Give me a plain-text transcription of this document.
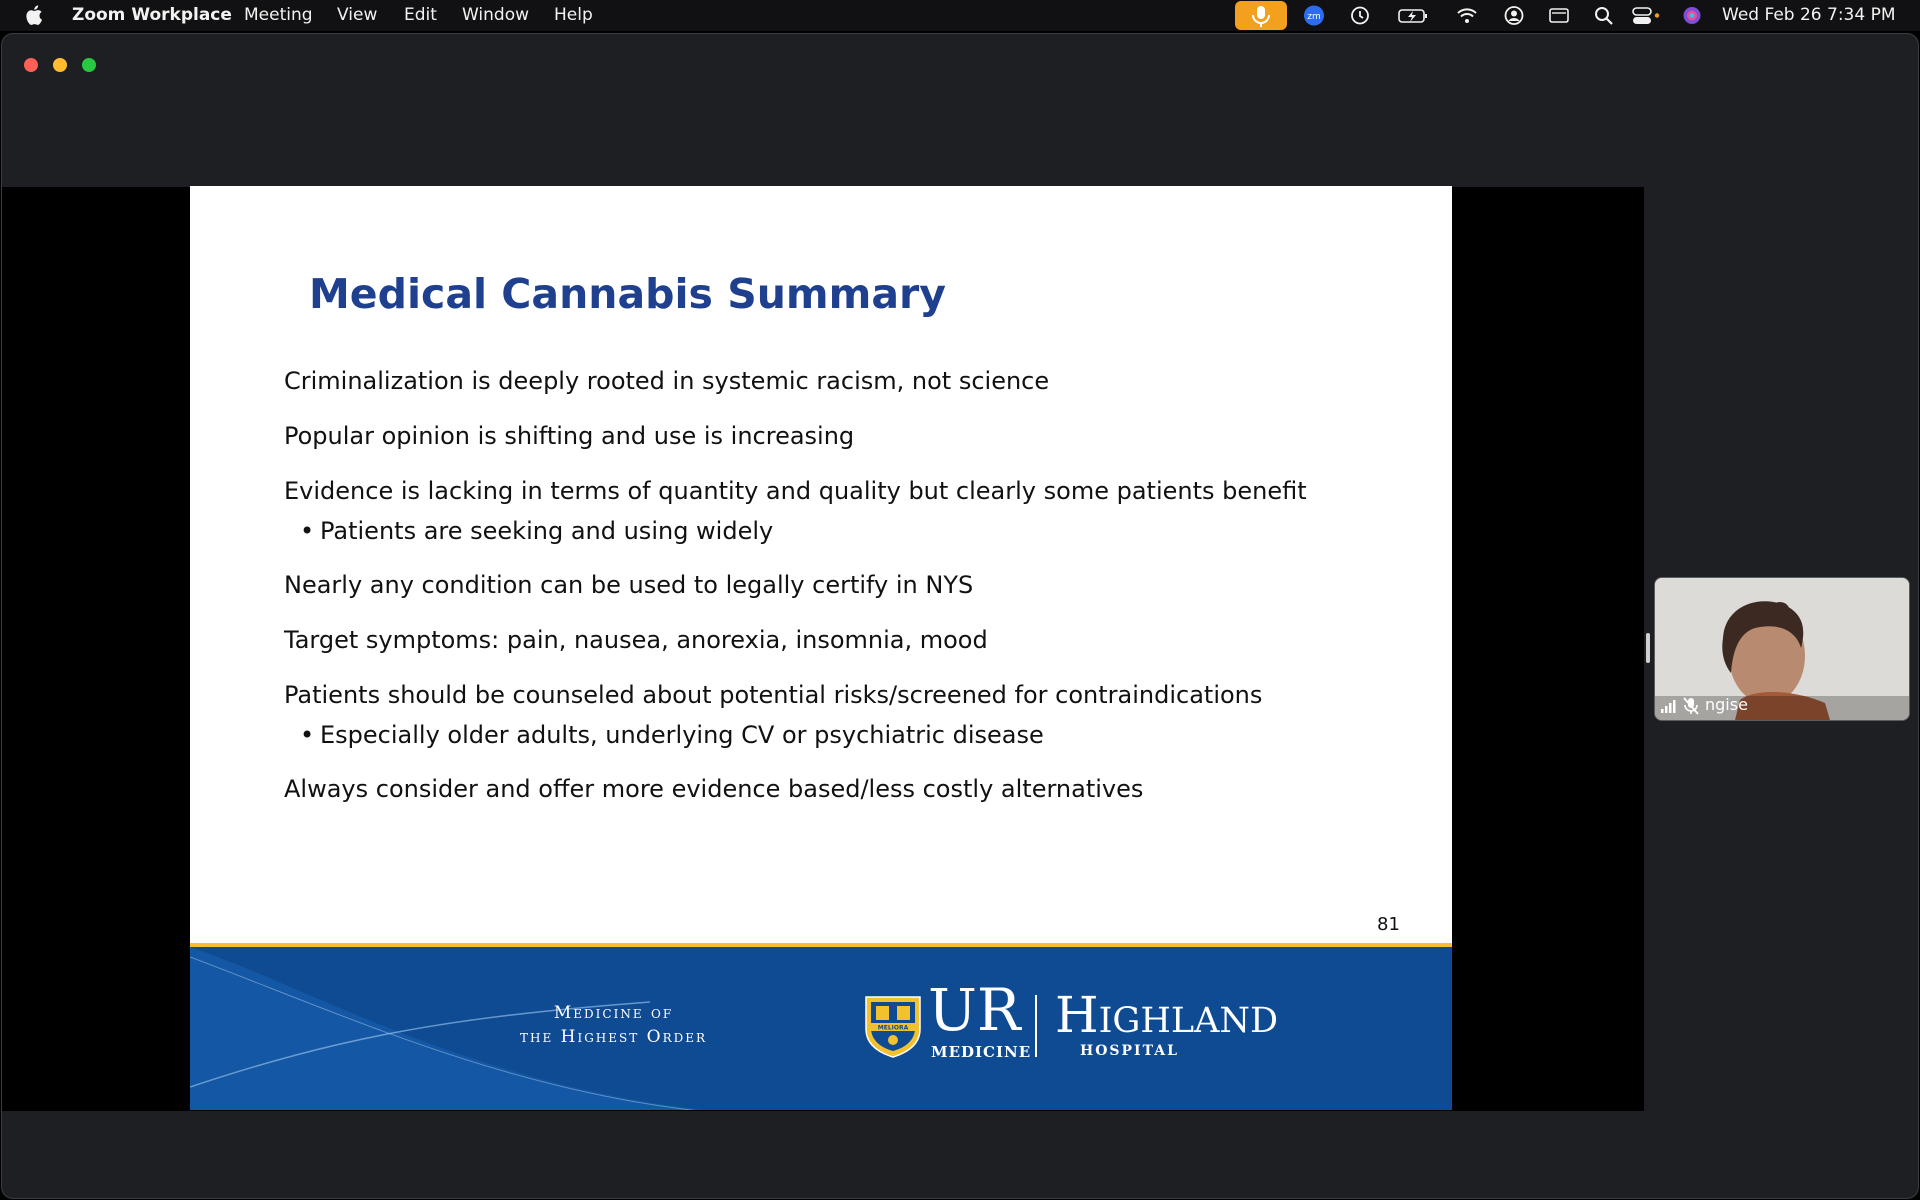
Zoom Workplace Meeting View Edit Window Help	zm	Wed Feb 26 7:34 PM
Medical Cannabis Summary
Criminalization is deeply rooted in systemic racism, not science
Popular opinion is shifting and use is increasing
Evidence is lacking in terms of quantity and quality but clearly some patients benefit
• Patients are seeking and using widely
Nearly any condition can be used to legally certify in NYS
Target symptoms: pain, nausea, anorexia, insomnia, mood
Patients should be counseled about potential risks/screened for contraindications
• Especially older adults, underlying CV or psychiatric disease
Always consider and offer more evidence based/less costly alternatives
81
Medicine of
the Highest Order	MELIORA UR
MEDICINE
Highland
HOSPITAL
ngise
